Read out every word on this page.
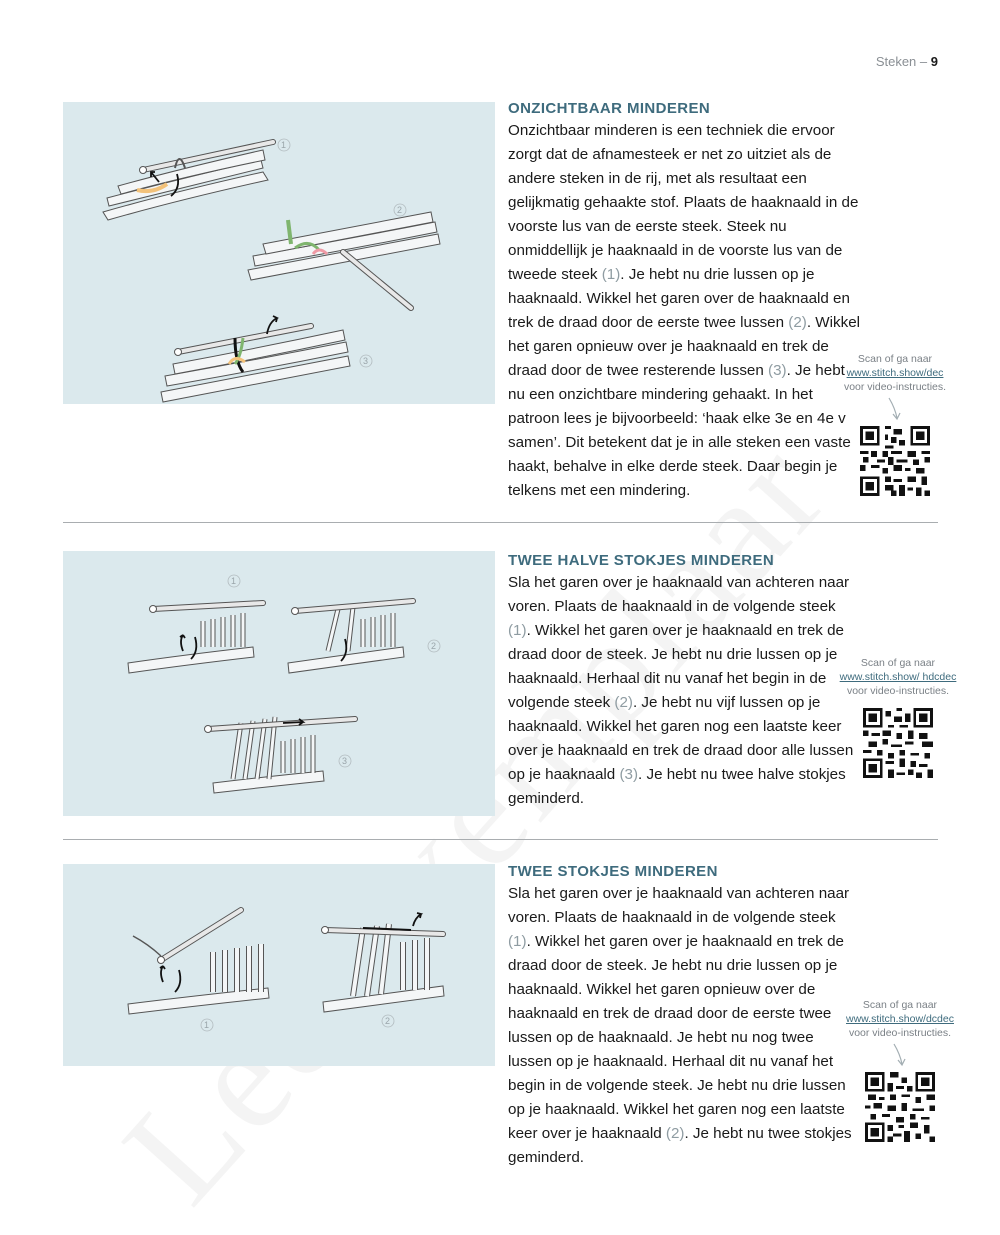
Steken – 9
1
2
3
ONZICHTBAAR MINDEREN

Onzichtbaar minderen is een techniek die ervoor zorgt dat de afnamesteek er net zo uitziet als de andere steken in de rij, met als resultaat een gelijkmatig gehaakte stof. Plaats de haaknaald in de voorste lus van de eerste steek. Steek nu onmiddellijk je haaknaald in de voorste lus van de tweede steek (1). Je hebt nu drie lussen op je haaknaald. Wikkel het garen over de haaknaald en trek de draad door de eerste twee lussen (2). Wikkel het garen opnieuw over je haaknaald en trek de draad door de twee resterende lussen (3). Je hebt nu een onzichtbare mindering gehaakt. In het patroon lees je bijvoorbeeld: ‘haak elke 3e en 4e v samen’. Dit betekent dat je in alle steken een vaste haakt, behalve in elke derde steek. Daar begin je telkens met een mindering.

Scan of ga naar
www.stitch.show/dec
voor video-instructies.
1
2
3
TWEE HALVE STOKJES MINDEREN

Sla het garen over je haaknaald van achteren naar voren. Plaats de haaknaald in de volgende steek (1). Wikkel het garen over je haaknaald en trek de draad door de steek. Je hebt nu drie lussen op je haaknaald. Herhaal dit nu vanaf het begin in de volgende steek (2). Je hebt nu vijf lussen op je haaknaald. Wikkel het garen nog een laatste keer over je haaknaald en trek de draad door alle lussen op je haaknaald (3). Je hebt nu twee halve stokjes geminderd.

Scan of ga naar
www.stitch.show/ hdcdec
voor video-instructies.
1	2
TWEE STOKJES MINDEREN

Sla het garen over je haaknaald van achteren naar voren. Plaats de haaknaald in de volgende steek (1). Wikkel het garen over je haaknaald en trek de draad door de steek. Je hebt nu drie lussen op je haaknaald. Wikkel het garen opnieuw over de haaknaald en trek de draad door de eerste twee lussen op de haaknaald. Je hebt nu nog twee lussen op je haaknaald. Herhaal dit nu vanaf het begin in de volgende steek. Je hebt nu drie lussen op je haaknaald. Wikkel het garen nog een laatste keer over je haaknaald (2). Je hebt nu twee stokjes geminderd.

Scan of ga naar
www.stitch.show/dcdec
voor video-instructies.
